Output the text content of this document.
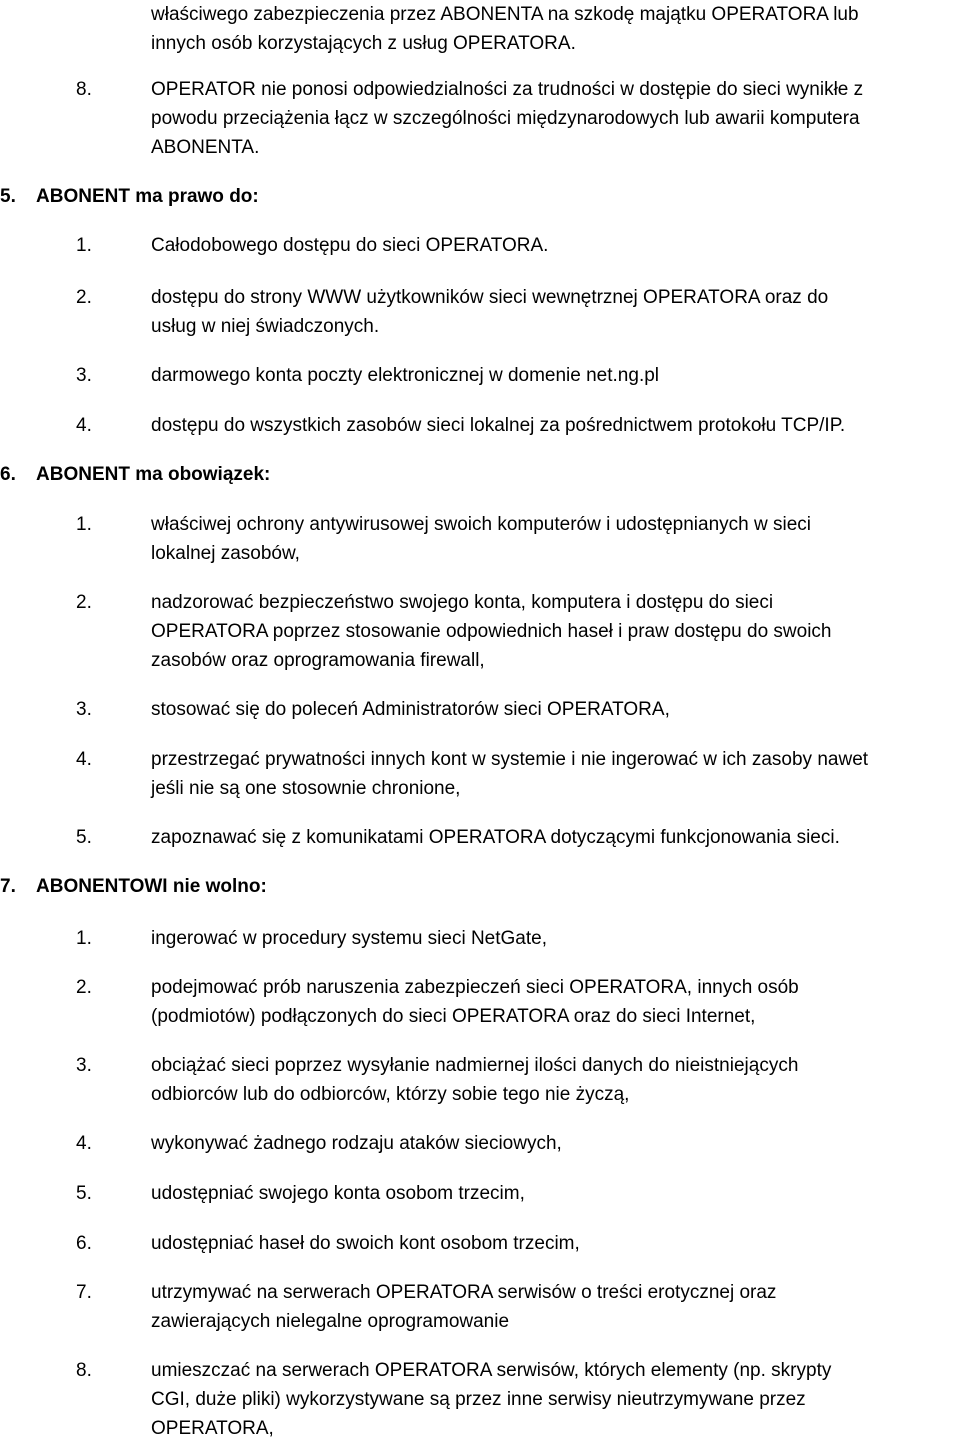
właściwego zabezpieczenia przez ABONENTA na szkodę majątku OPERATORA lub
innych osób korzystających z usług OPERATORA.
8.	OPERATOR nie ponosi odpowiedzialności za trudności w dostępie do sieci wynikłe z
powodu przeciążenia łącz w szczególności międzynarodowych lub awarii komputera
ABONENTA.
5. ABONENT ma prawo do:
1.	Całodobowego dostępu do sieci OPERATORA.
2.	dostępu do strony WWW użytkowników sieci wewnętrznej OPERATORA oraz do
usług w niej świadczonych.
3.	darmowego konta poczty elektronicznej w domenie net.ng.pl
4.	dostępu do wszystkich zasobów sieci lokalnej za pośrednictwem protokołu TCP/IP.
6. ABONENT ma obowiązek:
1.	właściwej ochrony antywirusowej swoich komputerów i udostępnianych w sieci
lokalnej zasobów,
2.	nadzorować bezpieczeństwo swojego konta, komputera i dostępu do sieci
OPERATORA poprzez stosowanie odpowiednich haseł i praw dostępu do swoich
zasobów oraz oprogramowania firewall,
3.	stosować się do poleceń Administratorów sieci OPERATORA,
4.	przestrzegać prywatności innych kont w systemie i nie ingerować w ich zasoby nawet
jeśli nie są one stosownie chronione,
5.	zapoznawać się z komunikatami OPERATORA dotyczącymi funkcjonowania sieci.
7. ABONENTOWI nie wolno:
1.	ingerować w procedury systemu sieci NetGate,
2.	podejmować prób naruszenia zabezpieczeń sieci OPERATORA, innych osób
(podmiotów) podłączonych do sieci OPERATORA oraz do sieci Internet,
3.	obciążać sieci poprzez wysyłanie nadmiernej ilości danych do nieistniejących
odbiorców lub do odbiorców, którzy sobie tego nie życzą,
4.	wykonywać żadnego rodzaju ataków sieciowych,
5.	udostępniać swojego konta osobom trzecim,
6.	udostępniać haseł do swoich kont osobom trzecim,
7.	utrzymywać na serwerach OPERATORA serwisów o treści erotycznej oraz
zawierających nielegalne oprogramowanie
8.	umieszczać na serwerach OPERATORA serwisów, których elementy (np. skrypty
CGI, duże pliki) wykorzystywane są przez inne serwisy nieutrzymywane przez
OPERATORA,
